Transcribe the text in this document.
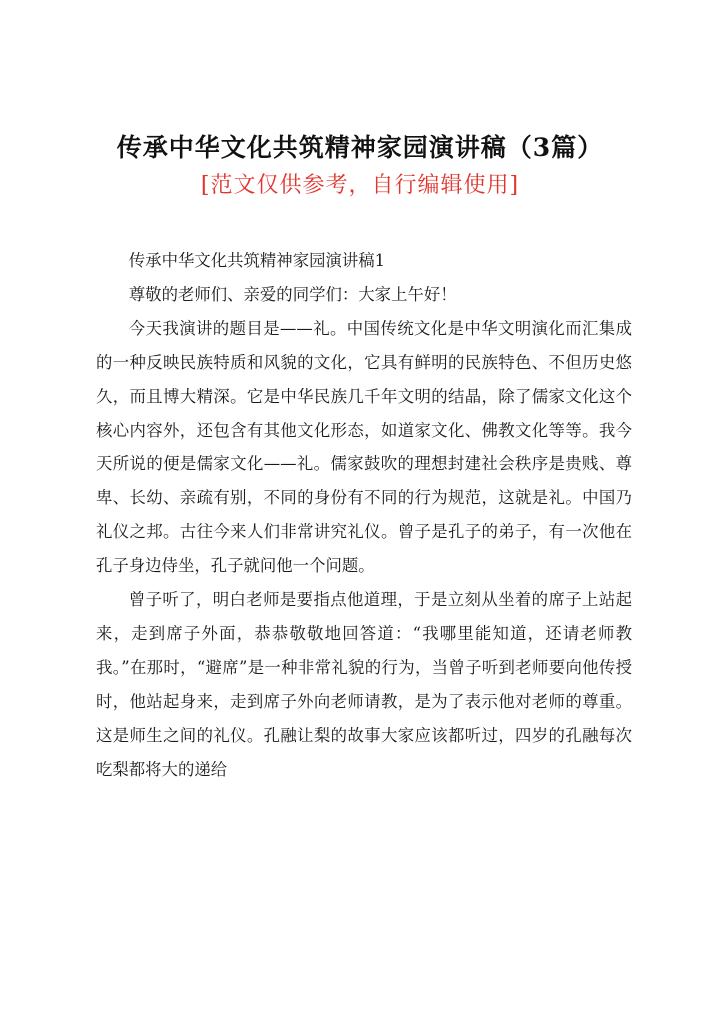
传承中华文化共筑精神家园演讲稿（3篇）
[范文仅供参考，自行编辑使用]

传承中华文化共筑精神家园演讲稿1

尊敬的老师们、亲爱的同学们：大家上午好！

今天我演讲的题目是——礼。中国传统文化是中华文明演化而汇集成的一种反映民族特质和风貌的文化，它具有鲜明的民族特色、不但历史悠久，而且博大精深。它是中华民族几千年文明的结晶，除了儒家文化这个核心内容外，还包含有其他文化形态，如道家文化、佛教文化等等。我今天所说的便是儒家文化——礼。儒家鼓吹的理想封建社会秩序是贵贱、尊卑、长幼、亲疏有别，不同的身份有不同的行为规范，这就是礼。中国乃礼仪之邦。古往今来人们非常讲究礼仪。曾子是孔子的弟子，有一次他在孔子身边侍坐，孔子就问他一个问题。

曾子听了，明白老师是要指点他道理，于是立刻从坐着的席子上站起来，走到席子外面，恭恭敬敬地回答道：“我哪里能知道，还请老师教我。”在那时，“避席”是一种非常礼貌的行为，当曾子听到老师要向他传授时，他站起身来，走到席子外向老师请教，是为了表示他对老师的尊重。这是师生之间的礼仪。孔融让梨的故事大家应该都听过，四岁的孔融每次吃梨都将大的递给
